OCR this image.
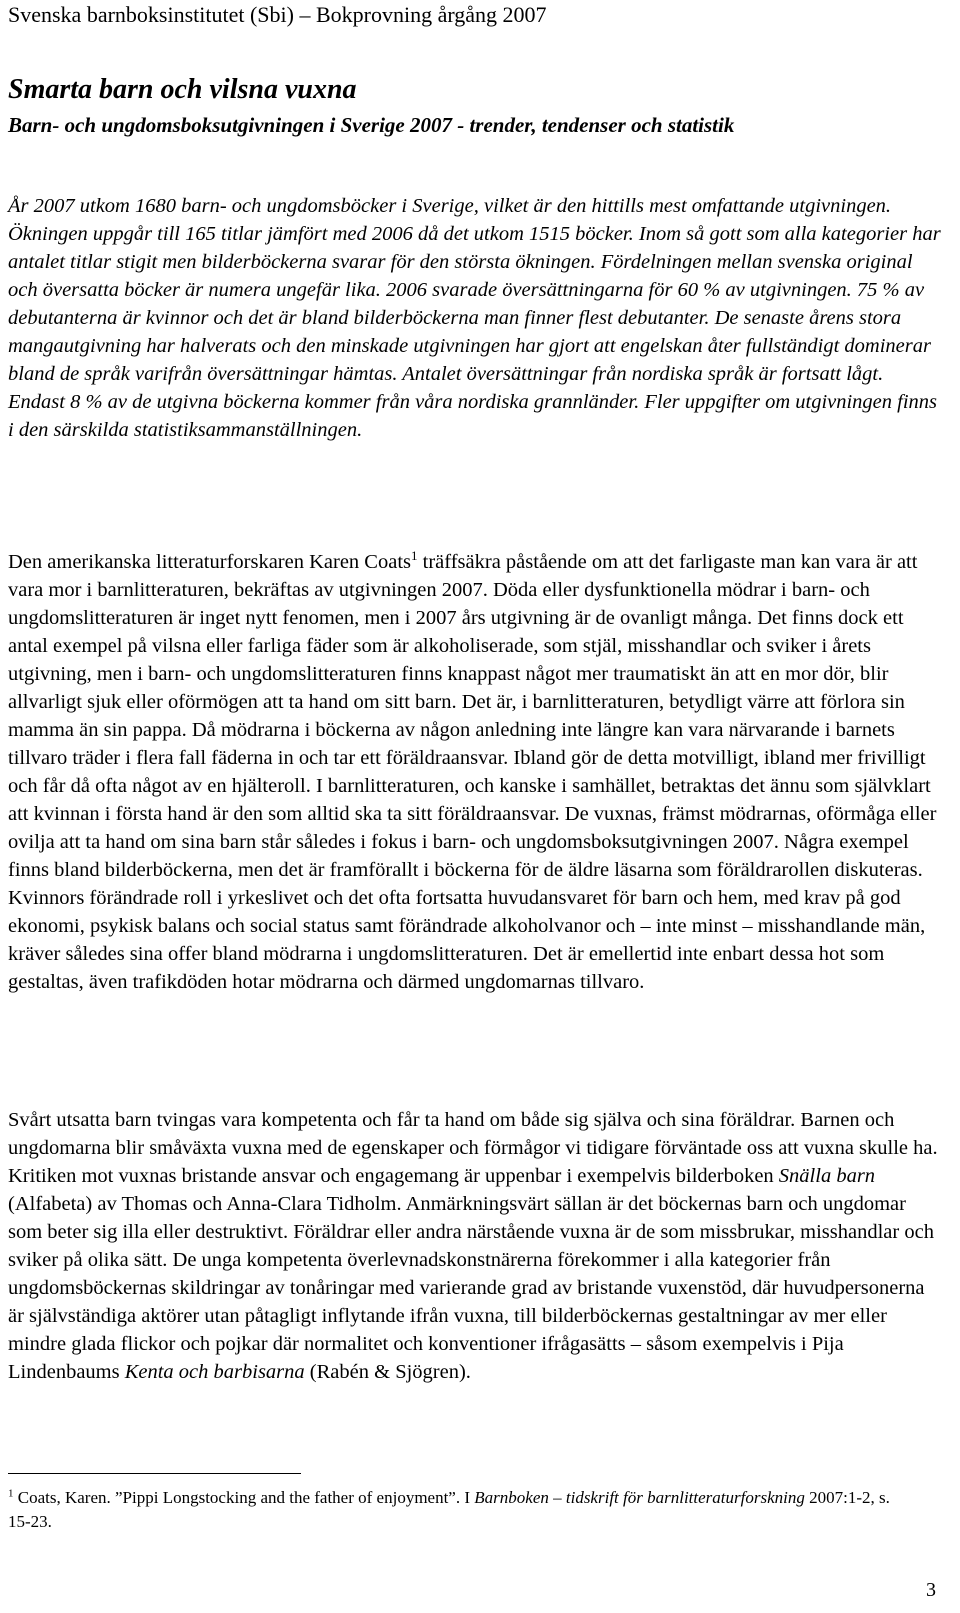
Svenska barnboksinstitutet (Sbi) – Bokprovning årgång 2007
Smarta barn och vilsna vuxna
Barn- och ungdomsboksutgivningen i Sverige 2007 - trender, tendenser och statistik

År 2007 utkom 1680 barn- och ungdomsböcker i Sverige, vilket är den hittills mest omfattande utgivningen. Ökningen uppgår till 165 titlar jämfört med 2006 då det utkom 1515 böcker. Inom så gott som alla kategorier har antalet titlar stigit men bilderböckerna svarar för den största ökningen. Fördelningen mellan svenska original och översatta böcker är numera ungefär lika. 2006 svarade översättningarna för 60 % av utgivningen. 75 % av debutanterna är kvinnor och det är bland bilderböckerna man finner flest debutanter. De senaste årens stora mangautgivning har halverats och den minskade utgivningen har gjort att engelskan åter fullständigt dominerar bland de språk varifrån översättningar hämtas. Antalet översättningar från nordiska språk är fortsatt lågt. Endast 8 % av de utgivna böckerna kommer från våra nordiska grannländer. Fler uppgifter om utgivningen finns i den särskilda statistiksammanställningen.

Den amerikanska litteraturforskaren Karen Coats$^1$ träffsäkra påstående om att det farligaste man kan vara är att vara mor i barnlitteraturen, bekräftas av utgivningen 2007. Döda eller dysfunktionella mödrar i barn- och ungdomslitteraturen är inget nytt fenomen, men i 2007 års utgivning är de ovanligt många. Det finns dock ett antal exempel på vilsna eller farliga fäder som är alkoholiserade, som stjäl, misshandlar och sviker i årets utgivning, men i barn- och ungdomslitteraturen finns knappast något mer traumatiskt än att en mor dör, blir allvarligt sjuk eller oförmögen att ta hand om sitt barn. Det är, i barnlitteraturen, betydligt värre att förlora sin mamma än sin pappa. Då mödrarna i böckerna av någon anledning inte längre kan vara närvarande i barnets tillvaro träder i flera fall fäderna in och tar ett föräldraansvar. Ibland gör de detta motvilligt, ibland mer frivilligt och får då ofta något av en hjälteroll. I barnlitteraturen, och kanske i samhället, betraktas det ännu som självklart att kvinnan i första hand är den som alltid ska ta sitt föräldraansvar. De vuxnas, främst mödrarnas, oförmåga eller ovilja att ta hand om sina barn står således i fokus i barn- och ungdomsboksutgivningen 2007. Några exempel finns bland bilderböckerna, men det är framförallt i böckerna för de äldre läsarna som föräldrarollen diskuteras. Kvinnors förändrade roll i yrkeslivet och det ofta fortsatta huvudansvaret för barn och hem, med krav på god ekonomi, psykisk balans och social status samt förändrade alkoholvanor och – inte minst – misshandlande män, kräver således sina offer bland mödrarna i ungdomslitteraturen. Det är emellertid inte enbart dessa hot som gestaltas, även trafikdöden hotar mödrarna och därmed ungdomarnas tillvaro.

Svårt utsatta barn tvingas vara kompetenta och får ta hand om både sig själva och sina föräldrar. Barnen och ungdomarna blir småväxta vuxna med de egenskaper och förmågor vi tidigare förväntade oss att vuxna skulle ha. Kritiken mot vuxnas bristande ansvar och engagemang är uppenbar i exempelvis bilderboken Snälla barn (Alfabeta) av Thomas och Anna-Clara Tidholm. Anmärkningsvärt sällan är det böckernas barn och ungdomar som beter sig illa eller destruktivt. Föräldrar eller andra närstående vuxna är de som missbrukar, misshandlar och sviker på olika sätt. De unga kompetenta överlevnadskonstnärerna förekommer i alla kategorier från ungdomsböckernas skildringar av tonåringar med varierande grad av bristande vuxenstöd, där huvudpersonerna är självständiga aktörer utan påtagligt inflytande ifrån vuxna, till bilderböckernas gestaltningar av mer eller mindre glada flickor och pojkar där normalitet och konventioner ifrågasätts – såsom exempelvis i Pija Lindenbaums Kenta och barbisarna (Rabén & Sjögren).

$^1$ Coats, Karen. ”Pippi Longstocking and the father of enjoyment”. I Barnboken – tidskrift för barnlitteraturforskning 2007:1-2, s. 15-23.

3
